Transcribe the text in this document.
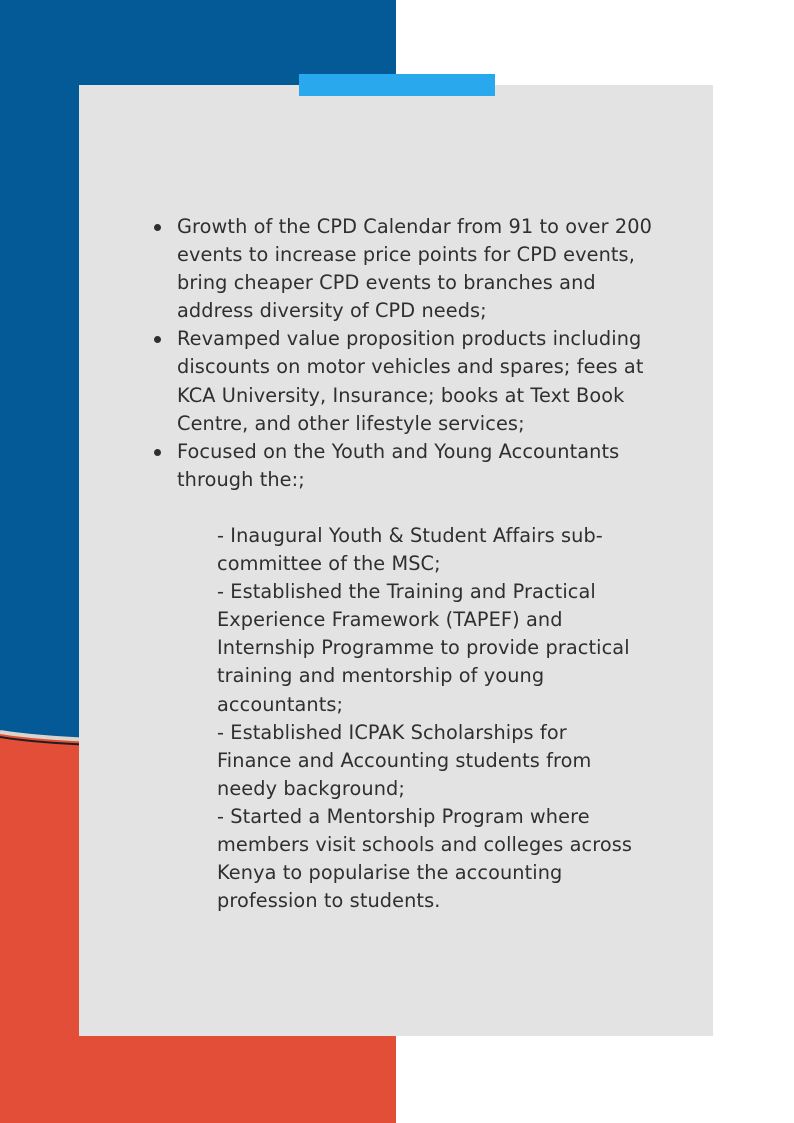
Growth of the CPD Calendar from 91 to over 200 events to increase price points for CPD events, bring cheaper CPD events to branches and address diversity of CPD needs;
Revamped value proposition products including discounts on motor vehicles and spares; fees at KCA University, Insurance; books at Text Book Centre, and other lifestyle services;
Focused on the Youth and Young Accountants through the:;
- Inaugural Youth & Student Affairs sub-committee of the MSC;
- Established the Training and Practical Experience Framework (TAPEF) and Internship Programme to provide practical training and mentorship of young accountants;
- Established ICPAK Scholarships for Finance and Accounting students from needy background;
- Started a Mentorship Program where members visit schools and colleges across Kenya to popularise the accounting profession to students.
